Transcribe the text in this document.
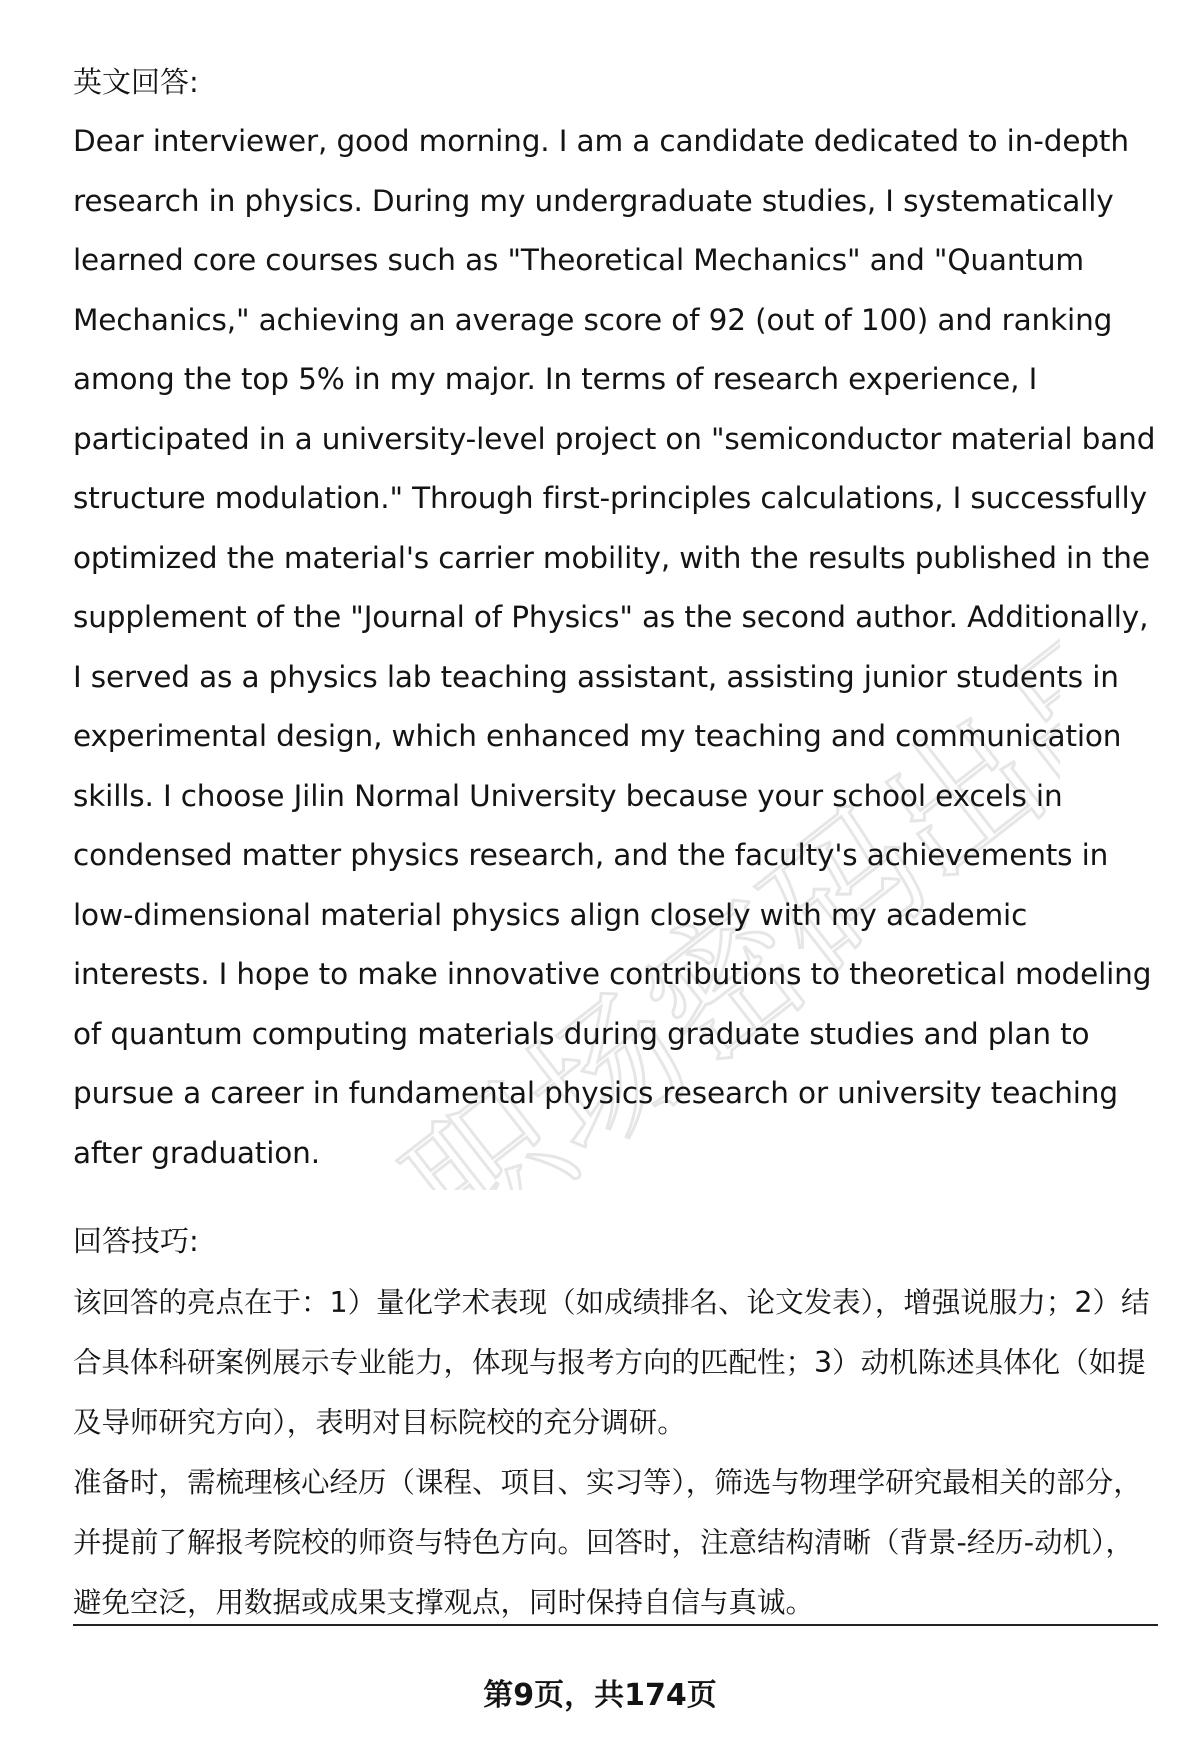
职场密码出品

英文回答:

Dear interviewer, good morning. I am a candidate dedicated to in-depth research in physics. During my undergraduate studies, I systematically learned core courses such as "Theoretical Mechanics" and "Quantum Mechanics," achieving an average score of 92 (out of 100) and ranking among the top 5% in my major. In terms of research experience, I participated in a university-level project on "semiconductor material band structure modulation." Through first-principles calculations, I successfully optimized the material's carrier mobility, with the results published in the supplement of the "Journal of Physics" as the second author. Additionally, I served as a physics lab teaching assistant, assisting junior students in experimental design, which enhanced my teaching and communication skills. I choose Jilin Normal University because your school excels in condensed matter physics research, and the faculty's achievements in low-dimensional material physics align closely with my academic interests. I hope to make innovative contributions to theoretical modeling of quantum computing materials during graduate studies and plan to pursue a career in fundamental physics research or university teaching after graduation.

回答技巧:

该回答的亮点在于：1）量化学术表现（如成绩排名、论文发表），增强说服力；2）结合具体科研案例展示专业能力，体现与报考方向的匹配性；3）动机陈述具体化（如提及导师研究方向），表明对目标院校的充分调研。

准备时，需梳理核心经历（课程、项目、实习等），筛选与物理学研究最相关的部分，并提前了解报考院校的师资与特色方向。回答时，注意结构清晰（背景-经历-动机），避免空泛，用数据或成果支撑观点，同时保持自信与真诚。

第9页，共174页
